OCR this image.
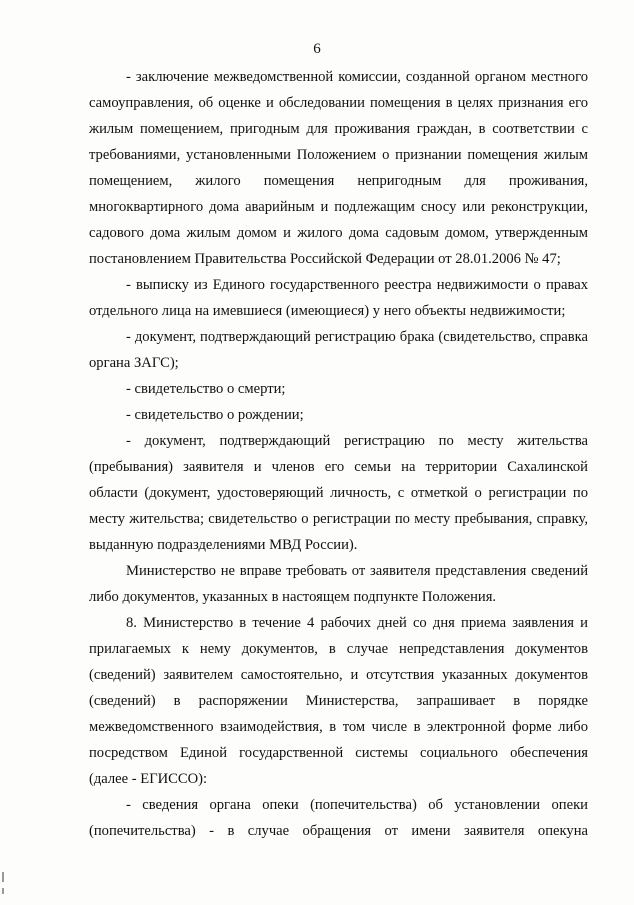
6

- заключение межведомственной комиссии, созданной органом местного самоуправления, об оценке и обследовании помещения в целях признания его жилым помещением, пригодным для проживания граждан, в соответствии с требованиями, установленными Положением о признании помещения жилым помещением, жилого помещения непригодным для проживания, многоквартирного дома аварийным и подлежащим сносу или реконструкции, садового дома жилым домом и жилого дома садовым домом, утвержденным постановлением Правительства Российской Федерации от 28.01.2006 № 47;

- выписку из Единого государственного реестра недвижимости о правах отдельного лица на имевшиеся (имеющиеся) у него объекты недвижимости;

- документ, подтверждающий регистрацию брака (свидетельство, справка органа ЗАГС);

- свидетельство о смерти;

- свидетельство о рождении;

- документ, подтверждающий регистрацию по месту жительства (пребывания) заявителя и членов его семьи на территории Сахалинской области (документ, удостоверяющий личность, с отметкой о регистрации по месту жительства; свидетельство о регистрации по месту пребывания, справку, выданную подразделениями МВД России).

Министерство не вправе требовать от заявителя представления сведений либо документов, указанных в настоящем подпункте Положения.

8. Министерство в течение 4 рабочих дней со дня приема заявления и прилагаемых к нему документов, в случае непредставления документов (сведений) заявителем самостоятельно, и отсутствия указанных документов (сведений) в распоряжении Министерства, запрашивает в порядке межведомственного взаимодействия, в том числе в электронной форме либо посредством Единой государственной системы социального обеспечения (далее - ЕГИССО):

- сведения органа опеки (попечительства) об установлении опеки (попечительства) - в случае обращения от имени заявителя опекуна
